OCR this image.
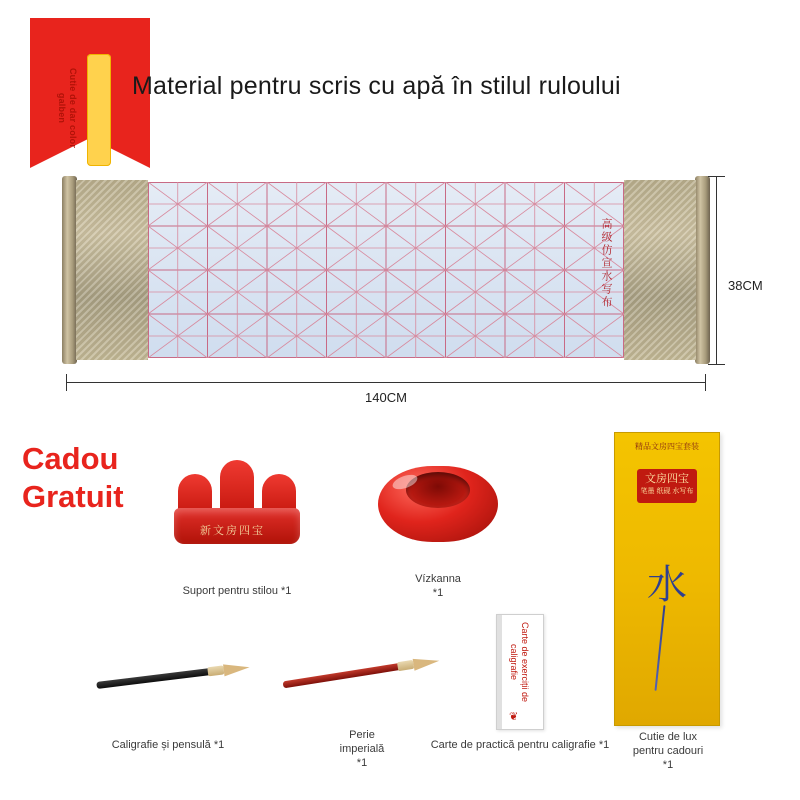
Cutie de dar color galben
Material pentru scris cu apă în stilul ruloului
高级仿宣水写布	38CM
140CM
Cadou
Gratuit
新文房四宝
Suport pentru stilou *1
Vízkanna
*1
Caligrafie și pensulă *1
Perie
imperială
*1
Carte de exerciții de caligrafie
❦
Carte de practică pentru caligrafie *1
精品文房四宝套装
文房四宝
笔墨 纸砚 水写布
水
Cutie de lux
pentru cadouri
*1
